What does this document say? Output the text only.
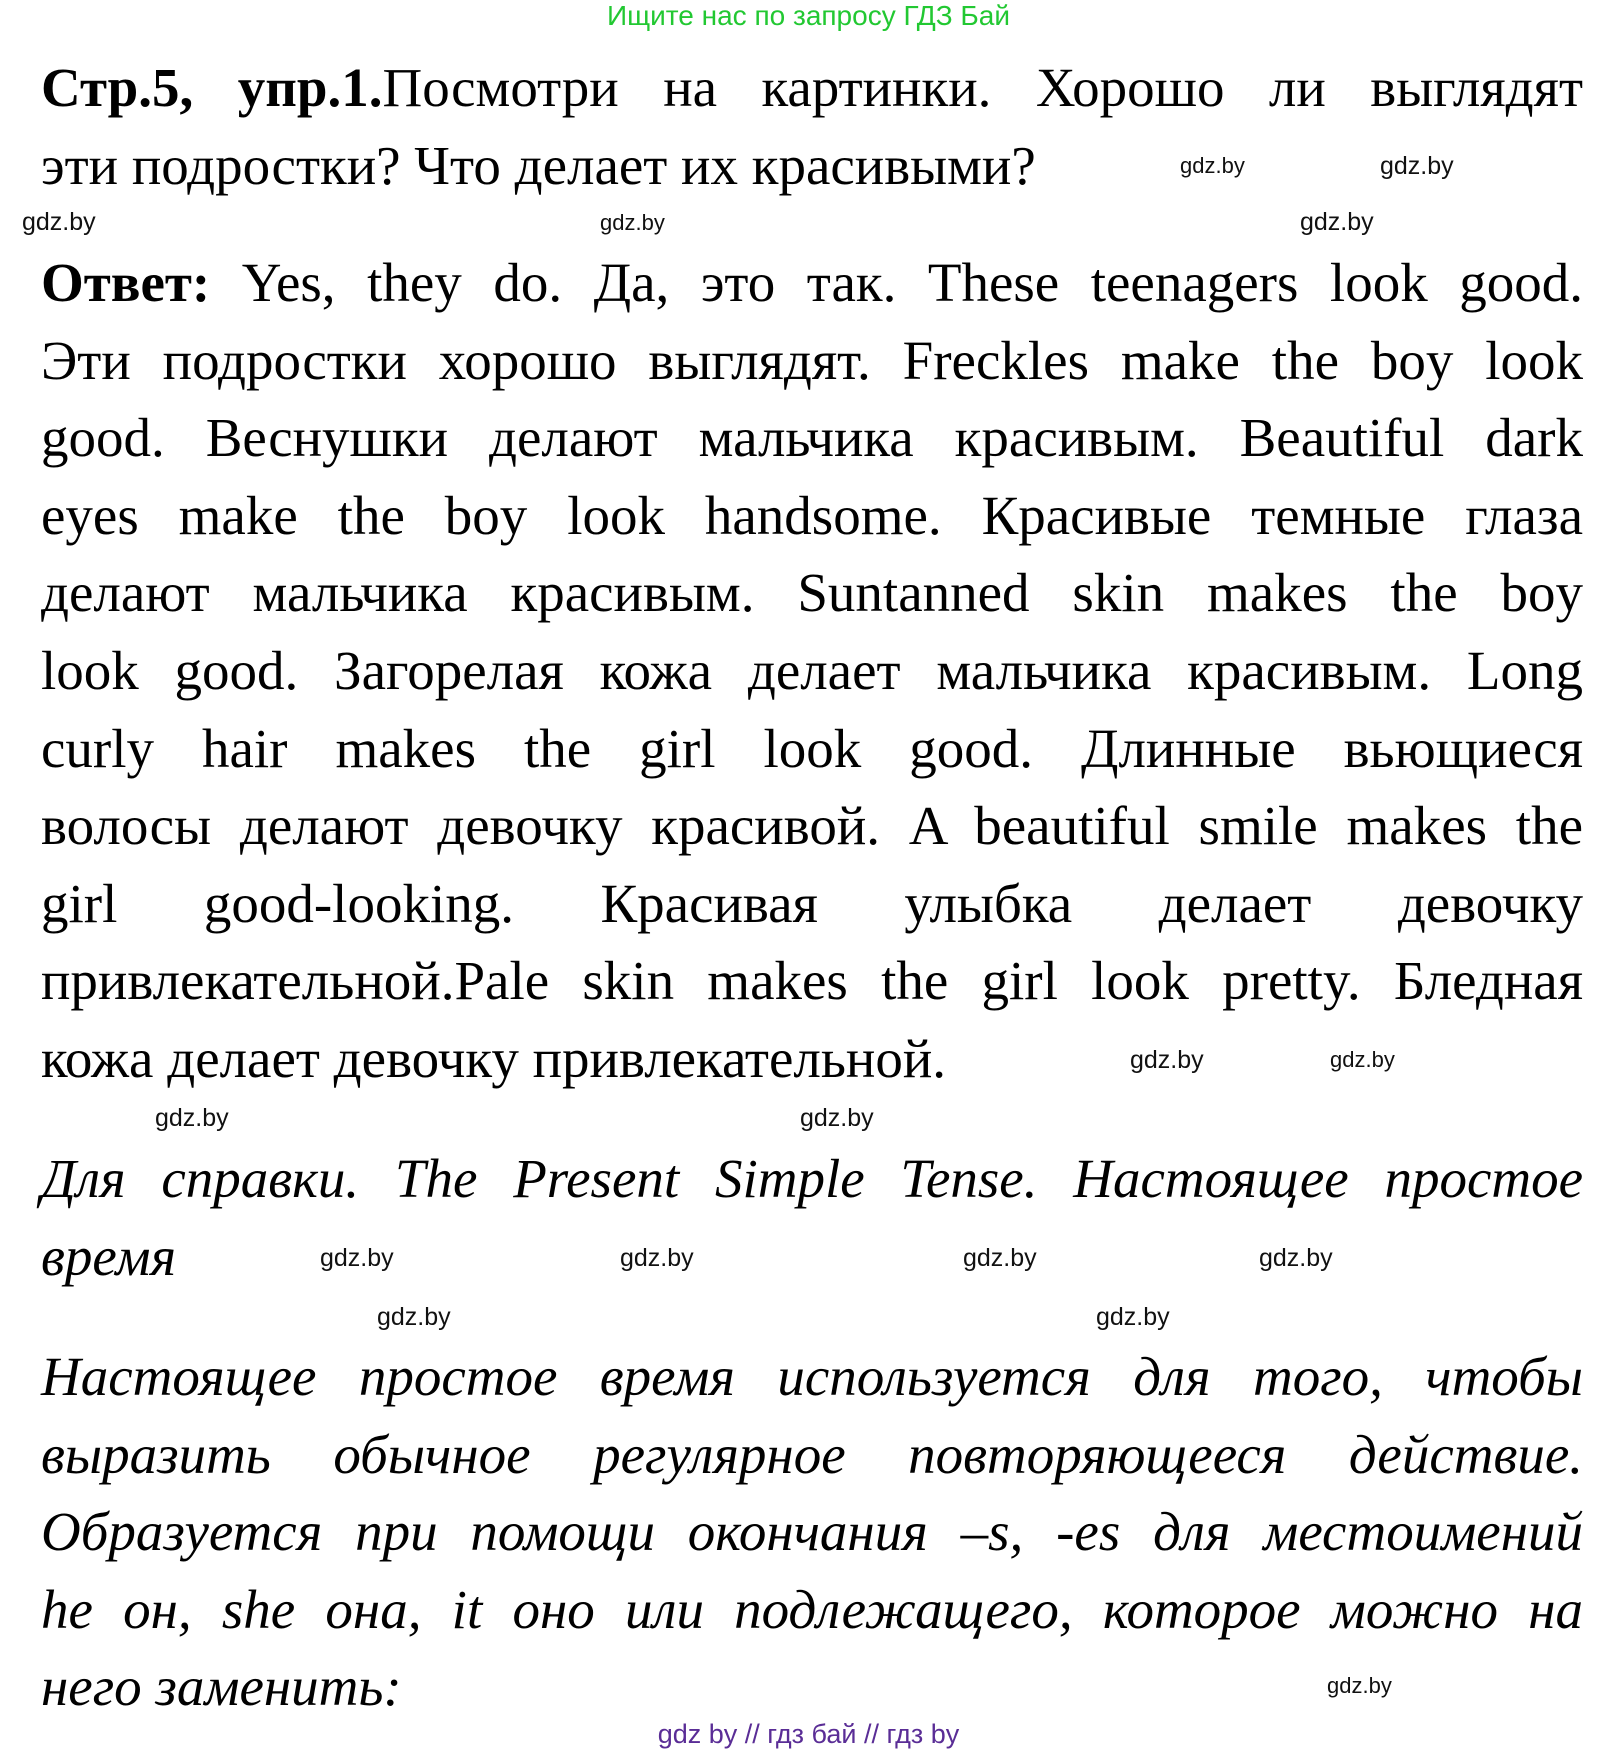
Ищите нас по запросу ГДЗ Бай
Стр.5, упр.1.Посмотри на картинки. Хорошо ли выглядят
эти подростки? Что делает их красивыми?
Ответ: Yes, they do. Да, это так. These teenagers look good.
Эти подростки хорошо выглядят. Freckles make the boy look
good. Веснушки делают мальчика красивым. Beautiful dark
eyes make the boy look handsome. Красивые темные глаза
делают мальчика красивым. Suntanned skin makes the boy
look good. Загорелая кожа делает мальчика красивым. Long
curly hair makes the girl look good. Длинные вьющиеся
волосы делают девочку красивой. A beautiful smile makes the
girl good-looking. Красивая улыбка делает девочку
привлекательной.Pale skin makes the girl look pretty. Бледная
кожа делает девочку привлекательной.
Для справки. The Present Simple Tense. Настоящее простое
время
Настоящее простое время используется для того, чтобы
выразить обычное регулярное повторяющееся действие.
Образуется при помощи окончания –s, -es для местоимений
he он, she она, it оно или подлежащего, которое можно на
него заменить:
gdz.by	gdz.by
gdz.by	gdz.by	gdz.by
gdz.by	gdz.by
gdz.by	gdz.by
gdz.by	gdz.by	gdz.by	gdz.by
gdz.by	gdz.by
gdz.by
gdz by // гдз бай // гдз by
